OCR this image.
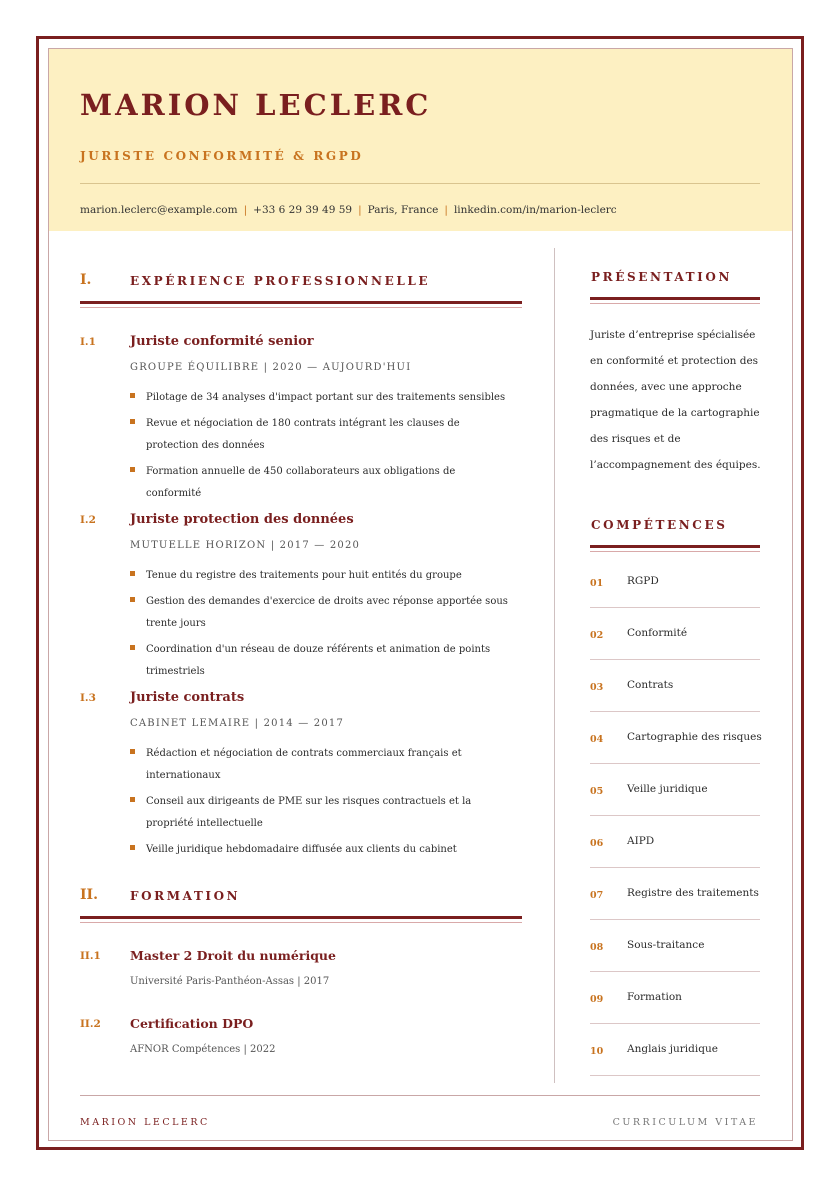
MARION LECLERC
JURISTE CONFORMITÉ & RGPD
marion.leclerc@example.com | +33 6 29 39 49 59 | Paris, France | linkedin.com/in/marion-leclerc
I.	EXPÉRIENCE PROFESSIONNELLE
I.1	Juriste conformité senior
GROUPE ÉQUILIBRE | 2020 — AUJOURD'HUI
Pilotage de 34 analyses d'impact portant sur des traitements sensibles
Revue et négociation de 180 contrats intégrant les clauses de protection des données
Formation annuelle de 450 collaborateurs aux obligations de conformité
I.2	Juriste protection des données
MUTUELLE HORIZON | 2017 — 2020
Tenue du registre des traitements pour huit entités du groupe
Gestion des demandes d'exercice de droits avec réponse apportée sous trente jours
Coordination d'un réseau de douze référents et animation de points trimestriels
I.3	Juriste contrats
CABINET LEMAIRE | 2014 — 2017
Rédaction et négociation de contrats commerciaux français et internationaux
Conseil aux dirigeants de PME sur les risques contractuels et la propriété intellectuelle
Veille juridique hebdomadaire diffusée aux clients du cabinet
II.	FORMATION
II.1 Master 2 Droit du numérique
Université Paris-Panthéon-Assas | 2017
II.2 Certification DPO
AFNOR Compétences | 2022
PRÉSENTATION
Juriste d’entreprise spécialisée en conformité et protection des données, avec une approche pragmatique de la cartographie des risques et de l’accompagnement des équipes.
COMPÉTENCES
01 RGPD
02 Conformité
03 Contrats
04 Cartographie des risques
05 Veille juridique
06 AIPD
07 Registre des traitements
08 Sous-traitance
09 Formation
10 Anglais juridique
MARION LECLERC	CURRICULUM VITAE
